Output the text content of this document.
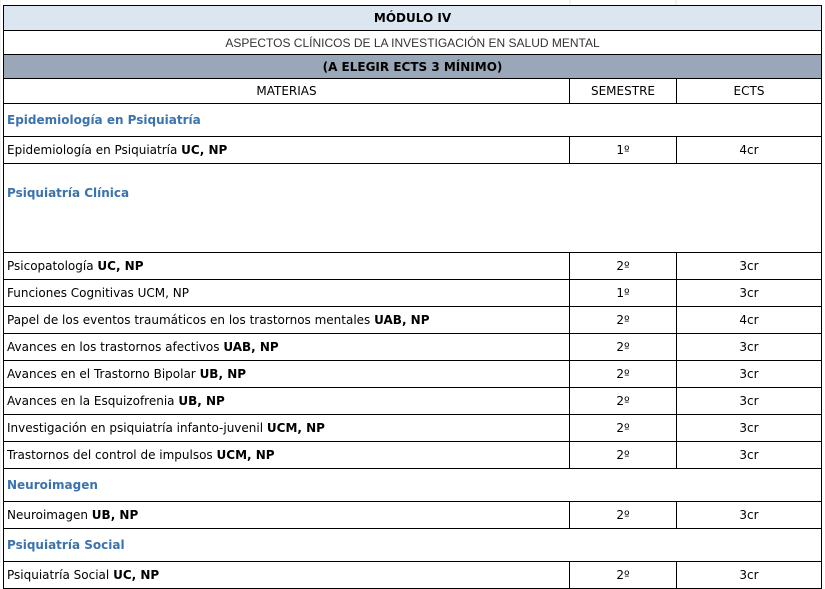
MÓDULO IV		
ASPECTOS CLÍNICOS DE LA INVESTIGACIÓN EN SALUD MENTAL		
(A ELEGIR ECTS 3 MÍNIMO)		
MATERIAS	SEMESTRE	ECTS
Epidemiología en Psiquiatría		
Epidemiología en Psiquiatría UC, NP	1º	4cr
Psiquiatría Clínica		
Psicopatología UC, NP	2º	3cr
Funciones Cognitivas UCM, NP	1º	3cr
Papel de los eventos traumáticos en los trastornos mentales UAB, NP	2º	4cr
Avances en los trastornos afectivos UAB, NP	2º	3cr
Avances en el Trastorno Bipolar UB, NP	2º	3cr
Avances en la Esquizofrenia UB, NP	2º	3cr
Investigación en psiquiatría infanto-juvenil UCM, NP	2º	3cr
Trastornos del control de impulsos UCM, NP	2º	3cr
Neuroimagen		
Neuroimagen UB, NP	2º	3cr
Psiquiatría Social		
Psiquiatría Social UC, NP	2º	3cr
